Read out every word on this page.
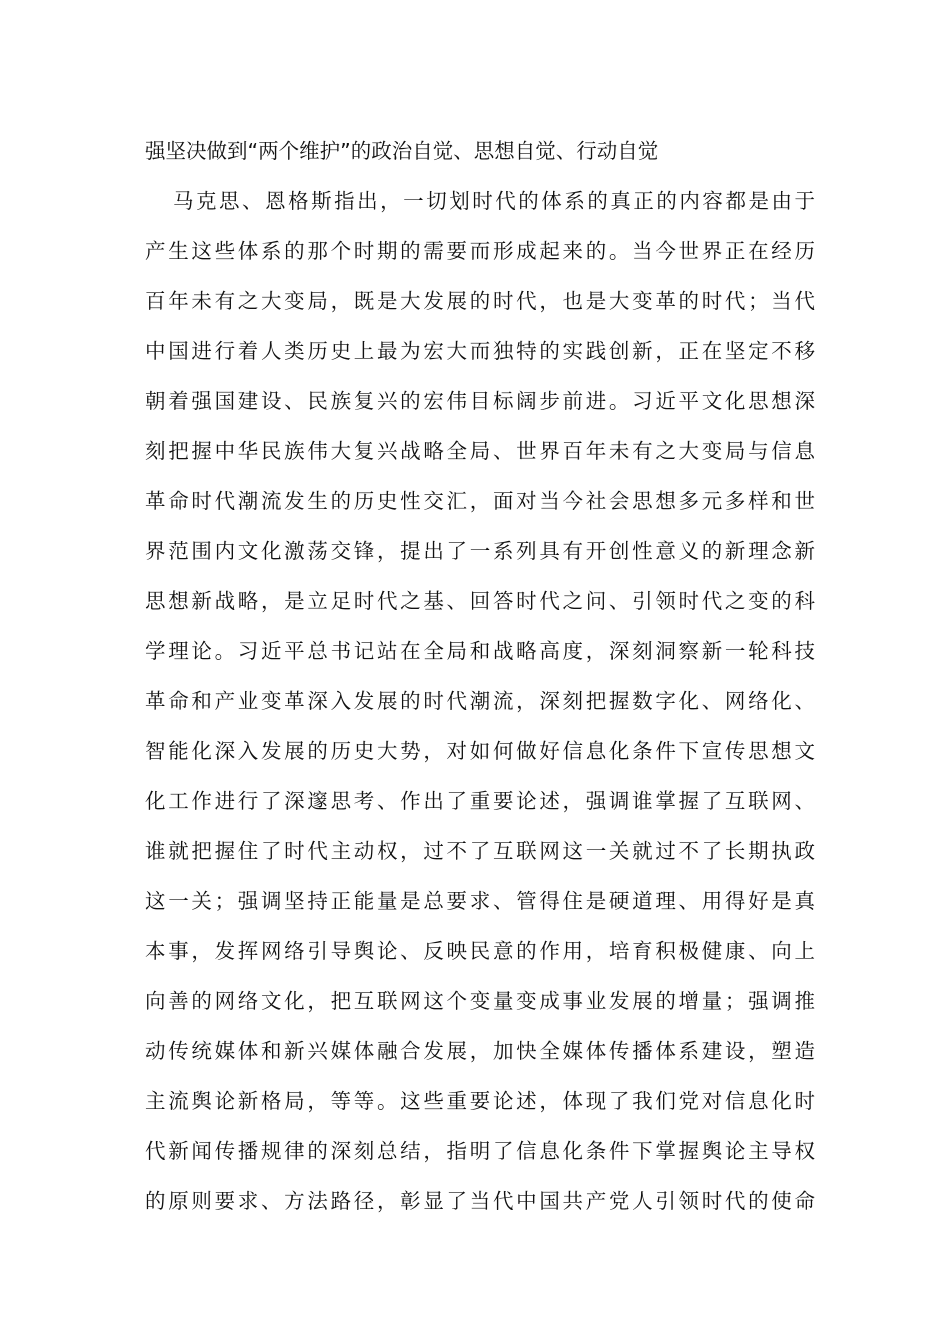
强坚决做到“两个维护”的政治自觉、思想自觉、行动自觉
马克思、恩格斯指出，一切划时代的体系的真正的内容都是由于
产生这些体系的那个时期的需要而形成起来的。当今世界正在经历
百年未有之大变局，既是大发展的时代，也是大变革的时代；当代
中国进行着人类历史上最为宏大而独特的实践创新，正在坚定不移
朝着强国建设、民族复兴的宏伟目标阔步前进。习近平文化思想深
刻把握中华民族伟大复兴战略全局、世界百年未有之大变局与信息
革命时代潮流发生的历史性交汇，面对当今社会思想多元多样和世
界范围内文化激荡交锋，提出了一系列具有开创性意义的新理念新
思想新战略，是立足时代之基、回答时代之问、引领时代之变的科
学理论。习近平总书记站在全局和战略高度，深刻洞察新一轮科技
革命和产业变革深入发展的时代潮流，深刻把握数字化、网络化、
智能化深入发展的历史大势，对如何做好信息化条件下宣传思想文
化工作进行了深邃思考、作出了重要论述，强调谁掌握了互联网、
谁就把握住了时代主动权，过不了互联网这一关就过不了长期执政
这一关；强调坚持正能量是总要求、管得住是硬道理、用得好是真
本事，发挥网络引导舆论、反映民意的作用，培育积极健康、向上
向善的网络文化，把互联网这个变量变成事业发展的增量；强调推
动传统媒体和新兴媒体融合发展，加快全媒体传播体系建设，塑造
主流舆论新格局，等等。这些重要论述，体现了我们党对信息化时
代新闻传播规律的深刻总结，指明了信息化条件下掌握舆论主导权
的原则要求、方法路径，彰显了当代中国共产党人引领时代的使命
